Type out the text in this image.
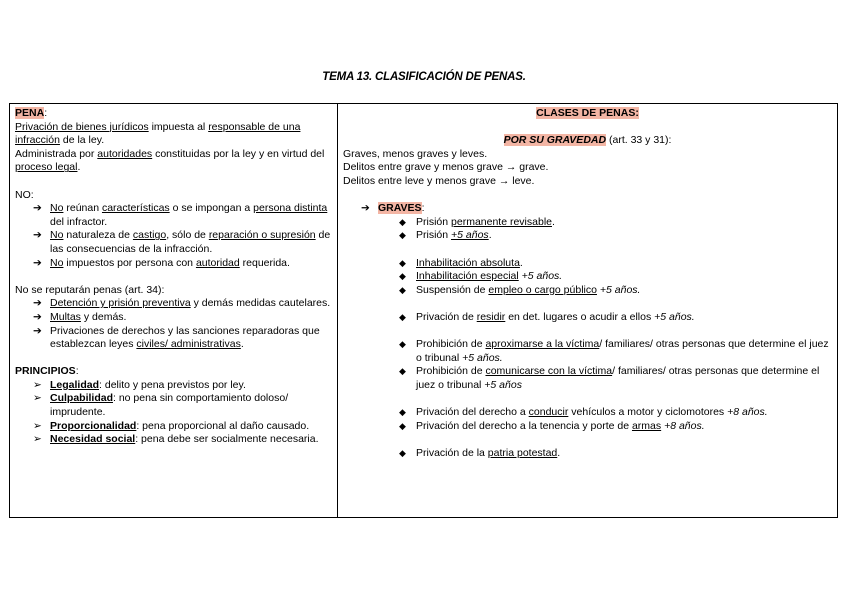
TEMA 13. CLASIFICACIÓN DE PENAS.

PENA:

Privación de bienes jurídicos impuesta al responsable de una infracción de la ley.

Administrada por autoridades constituidas por la ley y en virtud del proceso legal.

NO:

➔ No reúnan características o se impongan a persona distinta del infractor.
➔ No naturaleza de castigo, sólo de reparación o supresión de las consecuencias de la infracción.
➔ No impuestos por persona con autoridad requerida.

No se reputarán penas (art. 34):

➔ Detención y prisión preventiva y demás medidas cautelares.
➔ Multas y demás.
➔ Privaciones de derechos y las sanciones reparadoras que establezcan leyes civiles/ administrativas.

PRINCIPIOS:

➢ Legalidad: delito y pena previstos por ley.
➢ Culpabilidad: no pena sin comportamiento doloso/ imprudente.
➢ Proporcionalidad: pena proporcional al daño causado.
➢ Necesidad social: pena debe ser socialmente necesaria.

CLASES DE PENAS:

POR SU GRAVEDAD (art. 33 y 31):

Graves, menos graves y leves.

Delitos entre grave y menos grave → grave.

Delitos entre leve y menos grave → leve.

➔ GRAVES:
◆ Prisión permanente revisable.
◆ Prisión +5 años.
◆ Inhabilitación absoluta.
◆ Inhabilitación especial +5 años.
◆ Suspensión de empleo o cargo público +5 años.
◆ Privación de residir en det. lugares o acudir a ellos +5 años.
◆ Prohibición de aproximarse a la víctima/ familiares/ otras personas que determine el juez o tribunal +5 años.
◆ Prohibición de comunicarse con la víctima/ familiares/ otras personas que determine el juez o tribunal +5 años
◆ Privación del derecho a conducir vehículos a motor y ciclomotores +8 años.
◆ Privación del derecho a la tenencia y porte de armas +8 años.
◆ Privación de la patria potestad.
